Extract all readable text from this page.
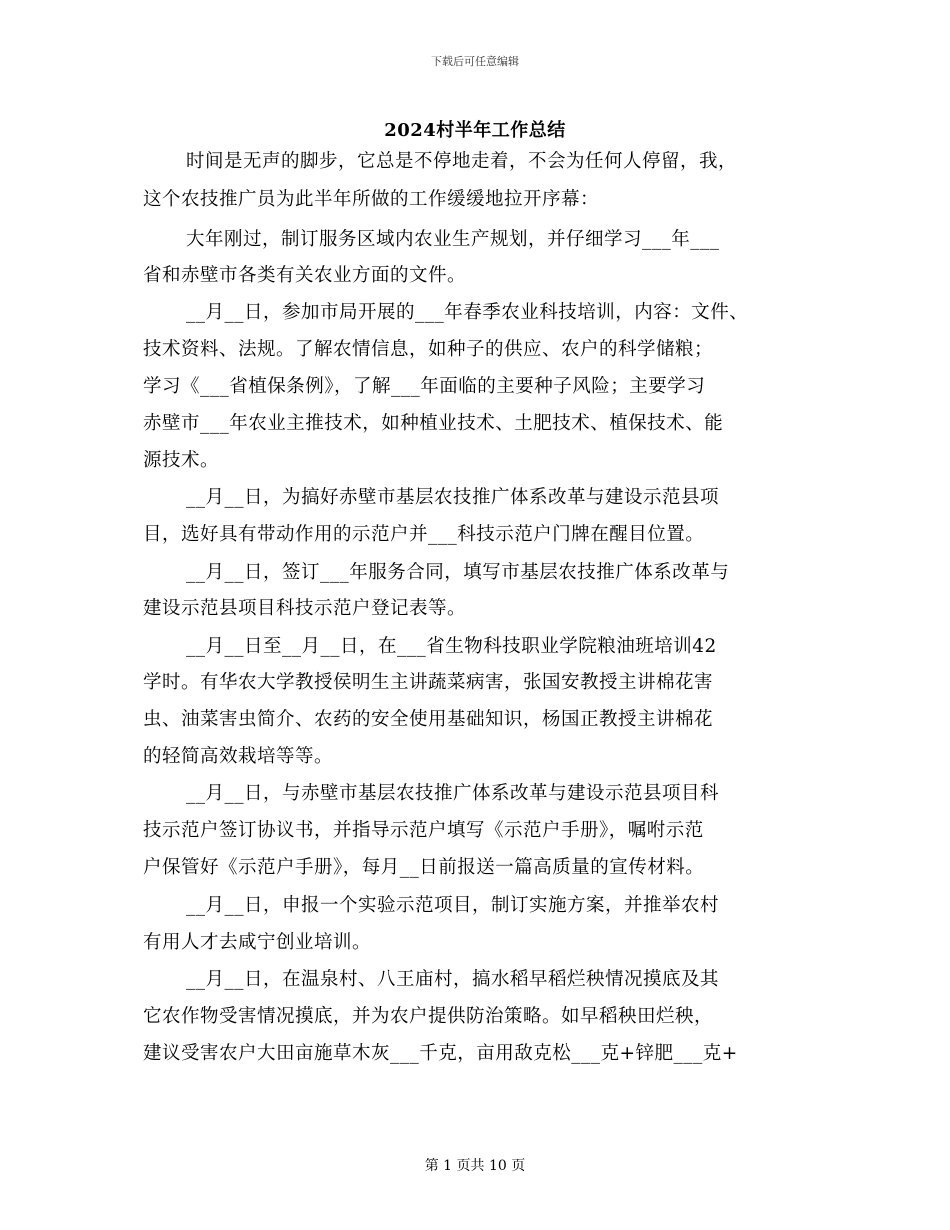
下载后可任意编辑
2024村半年工作总结
时间是无声的脚步，它总是不停地走着，不会为任何人停留，我，
这个农技推广员为此半年所做的工作缓缓地拉开序幕：
大年刚过，制订服务区域内农业生产规划，并仔细学习___年___
省和赤壁市各类有关农业方面的文件。
__月__日，参加市局开展的___年春季农业科技培训，内容：文件、
技术资料、法规。了解农情信息，如种子的供应、农户的科学储粮；
学习《___省植保条例》，了解___年面临的主要种子风险；主要学习
赤壁市___年农业主推技术，如种植业技术、土肥技术、植保技术、能
源技术。
__月__日，为搞好赤壁市基层农技推广体系改革与建设示范县项
目，选好具有带动作用的示范户并___科技示范户门牌在醒目位置。
__月__日，签订___年服务合同，填写市基层农技推广体系改革与
建设示范县项目科技示范户登记表等。
__月__日至__月__日，在___省生物科技职业学院粮油班培训42
学时。有华农大学教授侯明生主讲蔬菜病害，张国安教授主讲棉花害
虫、油菜害虫简介、农药的安全使用基础知识，杨国正教授主讲棉花
的轻简高效栽培等等。
__月__日，与赤壁市基层农技推广体系改革与建设示范县项目科
技示范户签订协议书，并指导示范户填写《示范户手册》，嘱咐示范
户保管好《示范户手册》，每月__日前报送一篇高质量的宣传材料。
__月__日，申报一个实验示范项目，制订实施方案，并推举农村
有用人才去咸宁创业培训。
__月__日，在温泉村、八王庙村，搞水稻早稻烂秧情况摸底及其
它农作物受害情况摸底，并为农户提供防治策略。如早稻秧田烂秧，
建议受害农户大田亩施草木灰___千克，亩用敌克松___克+锌肥___克+
第 1 页共 10 页
